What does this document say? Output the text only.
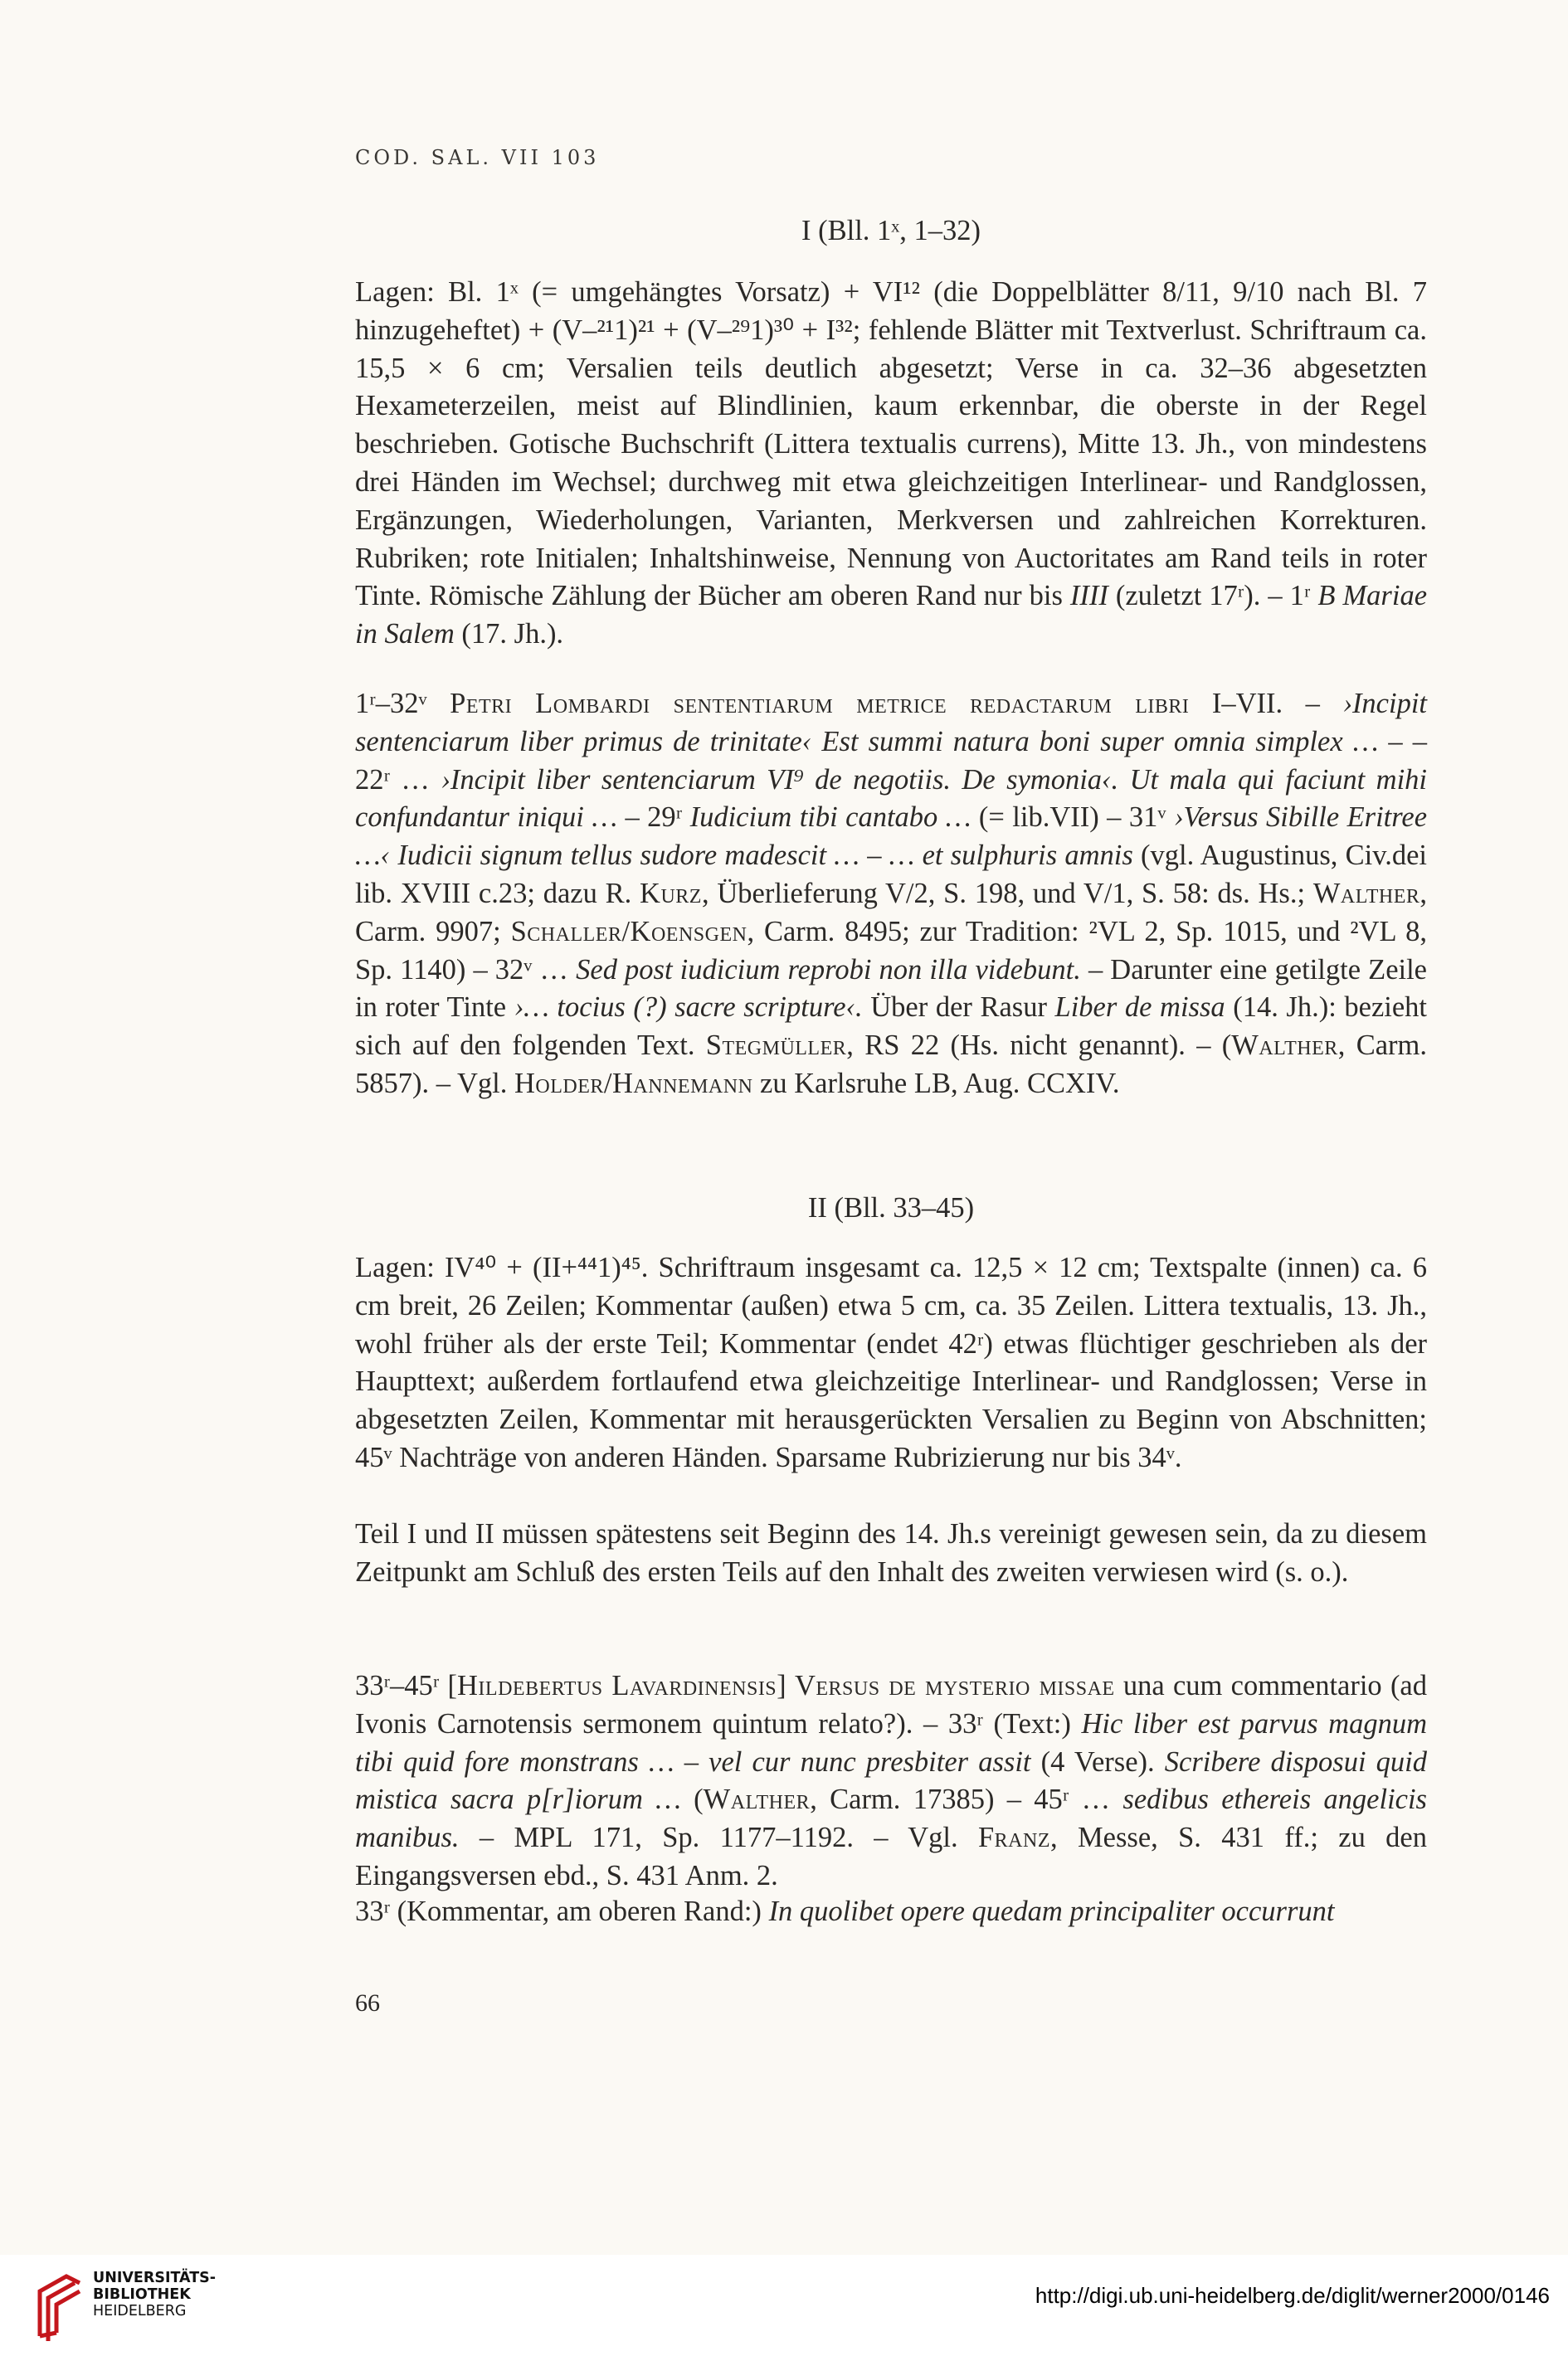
COD. SAL. VII 103
I (Bll. 1ˣ, 1–32)

Lagen: Bl. 1ˣ (= umgehängtes Vorsatz) + VI¹² (die Doppelblätter 8/11, 9/10 nach Bl. 7 hinzugeheftet) + (V–²¹1)²¹ + (V–²⁹1)³⁰ + I³²; fehlende Blätter mit Textverlust. Schriftraum ca. 15,5 × 6 cm; Versalien teils deutlich abgesetzt; Verse in ca. 32–36 abgesetzten Hexameterzeilen, meist auf Blindlinien, kaum erkennbar, die oberste in der Regel beschrieben. Gotische Buchschrift (Littera textualis currens), Mitte 13. Jh., von mindestens drei Händen im Wechsel; durchweg mit etwa gleichzeitigen Interlinear- und Randglossen, Ergänzungen, Wiederholungen, Varianten, Merkversen und zahlreichen Korrekturen. Rubriken; rote Initialen; Inhaltshinweise, Nennung von Auctoritates am Rand teils in roter Tinte. Römische Zählung der Bücher am oberen Rand nur bis IIII (zuletzt 17ʳ). – 1ʳ B Mariae in Salem (17. Jh.).

1ʳ–32ᵛ Petri Lombardi sententiarum metrice redactarum libri I–VII. – ›Incipit sentenciarum liber primus de trinitate‹ Est summi natura boni super omnia simplex … – – 22ʳ … ›Incipit liber sentenciarum VI⁹ de negotiis. De symonia‹. Ut mala qui faciunt mihi confundantur iniqui … – 29ʳ Iudicium tibi cantabo … (= lib.VII) – 31ᵛ ›Versus Sibille Eritree …‹ Iudicii signum tellus sudore madescit … – … et sulphuris amnis (vgl. Augustinus, Civ.dei lib. XVIII c.23; dazu R. Kurz, Überlieferung V/2, S. 198, und V/1, S. 58: ds. Hs.; Walther, Carm. 9907; Schaller/Koensgen, Carm. 8495; zur Tradition: ²VL 2, Sp. 1015, und ²VL 8, Sp. 1140) – 32ᵛ … Sed post iudicium reprobi non illa videbunt. – Darunter eine getilgte Zeile in roter Tinte ›… tocius (?) sacre scripture‹. Über der Rasur Liber de missa (14. Jh.): bezieht sich auf den folgenden Text. Stegmüller, RS 22 (Hs. nicht genannt). – (Walther, Carm. 5857). – Vgl. Holder/Hannemann zu Karlsruhe LB, Aug. CCXIV.

II (Bll. 33–45)
Lagen: IV⁴⁰ + (II+⁴⁴1)⁴⁵. Schriftraum insgesamt ca. 12,5 × 12 cm; Textspalte (innen) ca. 6 cm breit, 26 Zeilen; Kommentar (außen) etwa 5 cm, ca. 35 Zeilen. Littera textualis, 13. Jh., wohl früher als der erste Teil; Kommentar (endet 42ʳ) etwas flüchtiger geschrieben als der Haupttext; außerdem fortlaufend etwa gleichzeitige Interlinear- und Randglossen; Verse in abgesetzten Zeilen, Kommentar mit herausgerückten Versalien zu Beginn von Abschnitten; 45ᵛ Nachträge von anderen Händen. Sparsame Rubrizierung nur bis 34ᵛ.
Teil I und II müssen spätestens seit Beginn des 14. Jh.s vereinigt gewesen sein, da zu diesem Zeitpunkt am Schluß des ersten Teils auf den Inhalt des zweiten verwiesen wird (s. o.).

33ʳ–45ʳ [Hildebertus Lavardinensis] Versus de mysterio missae una cum commentario (ad Ivonis Carnotensis sermonem quintum relato?). – 33ʳ (Text:) Hic liber est parvus magnum tibi quid fore monstrans … – vel cur nunc presbiter assit (4 Verse). Scribere disposui quid mistica sacra p[r]iorum … (Walther, Carm. 17385) – 45ʳ … sedibus ethereis angelicis manibus. – MPL 171, Sp. 1177–1192. – Vgl. Franz, Messe, S. 431 ff.; zu den Eingangsversen ebd., S. 431 Anm. 2.

33ʳ (Kommentar, am oberen Rand:) In quolibet opere quedam principaliter occurrunt

66
UNIVERSITÄTS-
BIBLIOTHEK
HEIDELBERG
http://digi.ub.uni-heidelberg.de/diglit/werner2000/0146
